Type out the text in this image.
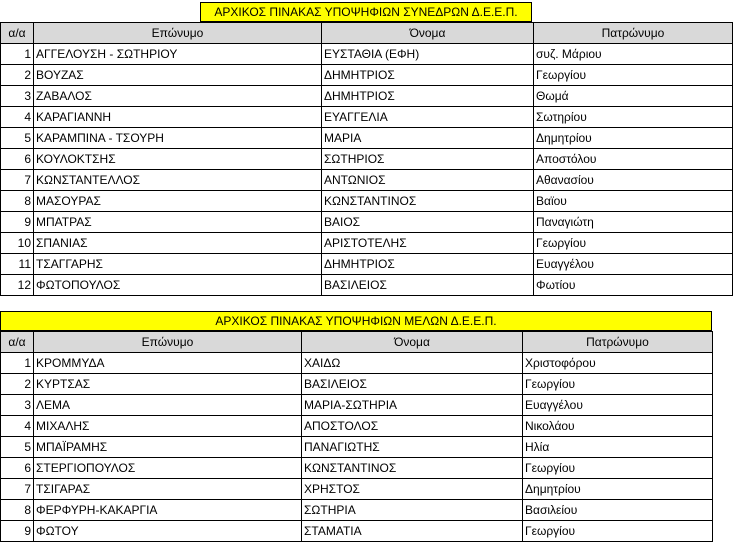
ΑΡΧΙΚΟΣ ΠΙΝΑΚΑΣ ΥΠΟΨΗΦΙΩΝ ΣΥΝΕΔΡΩΝ Δ.Ε.Ε.Π.
α/α	Επώνυμο	Όνομα	Πατρώνυμο
1	ΑΓΓΕΛΟΥΣΗ - ΣΩΤΗΡΙΟΥ	ΕΥΣΤΑΘΙΑ (ΕΦΗ)	συζ. Μάριου
2	ΒΟΥΖΑΣ	ΔΗΜΗΤΡΙΟΣ	Γεωργίου
3	ΖΑΒΑΛΟΣ	ΔΗΜΗΤΡΙΟΣ	Θωμά
4	ΚΑΡΑΓΙΑΝΝΗ	ΕΥΑΓΓΕΛΙΑ	Σωτηρίου
5	ΚΑΡΑΜΠΙΝΑ - ΤΣΟΥΡΗ	ΜΑΡΙΑ	Δημητρίου
6	ΚΟΥΛΟΚΤΣΗΣ	ΣΩΤΗΡΙΟΣ	Αποστόλου
7	ΚΩΝΣΤΑΝΤΕΛΛΟΣ	ΑΝΤΩΝΙΟΣ	Αθανασίου
8	ΜΑΣΟΥΡΑΣ	ΚΩΝΣΤΑΝΤΙΝΟΣ	Βαϊου
9	ΜΠΑΤΡΑΣ	ΒΑΙΟΣ	Παναγιώτη
10	ΣΠΑΝΙΑΣ	ΑΡΙΣΤΟΤΕΛΗΣ	Γεωργίου
11	ΤΣΑΓΓΑΡΗΣ	ΔΗΜΗΤΡΙΟΣ	Ευαγγέλου
12	ΦΩΤΟΠΟΥΛΟΣ	ΒΑΣΙΛΕΙΟΣ	Φωτίου
ΑΡΧΙΚΟΣ ΠΙΝΑΚΑΣ ΥΠΟΨΗΦΙΩΝ ΜΕΛΩΝ Δ.Ε.Ε.Π.
α/α	Επώνυμο	Όνομα	Πατρώνυμο
1	ΚΡΟΜΜΥΔΑ	ΧΑΙΔΩ	Χριστοφόρου
2	ΚΥΡΤΣΑΣ	ΒΑΣΙΛΕΙΟΣ	Γεωργίου
3	ΛΕΜΑ	ΜΑΡΙΑ-ΣΩΤΗΡΙΑ	Ευαγγέλου
4	ΜΙΧΑΛΗΣ	ΑΠΟΣΤΟΛΟΣ	Νικολάου
5	ΜΠΑΪΡΑΜΗΣ	ΠΑΝΑΓΙΩΤΗΣ	Ηλία
6	ΣΤΕΡΓΙΟΠΟΥΛΟΣ	ΚΩΝΣΤΑΝΤΙΝΟΣ	Γεωργίου
7	ΤΣΙΓΑΡΑΣ	ΧΡΗΣΤΟΣ	Δημητρίου
8	ΦΕΡΦΥΡΗ-ΚΑΚΑΡΓΙΑ	ΣΩΤΗΡΙΑ	Βασιλείου
9	ΦΩΤΟΥ	ΣΤΑΜΑΤΙΑ	Γεωργίου
